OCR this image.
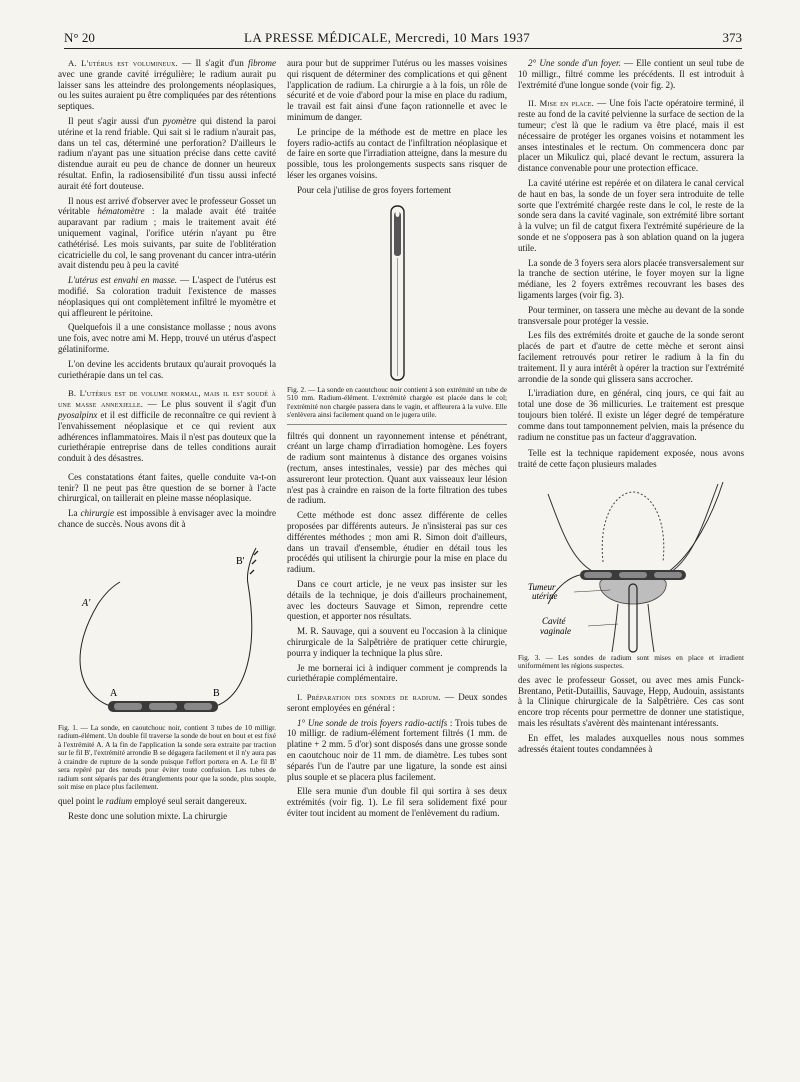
N° 20	LA PRESSE MÉDICALE, Mercredi, 10 Mars 1937	373

A. L'utérus est volumineux. — Il s'agit d'un fibrome avec une grande cavité irrégulière; le radium aurait pu laisser sans les atteindre des prolongements néoplasiques, ou les suites auraient pu être compliquées par des rétentions septiques.

Il peut s'agir aussi d'un pyomètre qui distend la paroi utérine et la rend friable. Qui sait si le radium n'aurait pas, dans un tel cas, déterminé une perforation? D'ailleurs le radium n'ayant pas une situation précise dans cette cavité distendue aurait eu peu de chance de donner un heureux résultat. Enfin, la radiosensibilité d'un tissu aussi infecté aurait été fort douteuse.

Il nous est arrivé d'observer avec le professeur Gosset un véritable hématomètre : la malade avait été traitée auparavant par radium ; mais le traitement avait été uniquement vaginal, l'orifice utérin n'ayant pu être cathétérisé. Les mois suivants, par suite de l'oblitération cicatricielle du col, le sang provenant du cancer intra-utérin avait distendu peu à peu la cavité

L'utérus est envahi en masse. — L'aspect de l'utérus est modifié. Sa coloration traduit l'existence de masses néoplasiques qui ont complètement infiltré le myomètre et qui affleurent le péritoine.

Quelquefois il a une consistance mollasse ; nous avons une fois, avec notre ami M. Hepp, trouvé un utérus d'aspect gélatiniforme.

L'on devine les accidents brutaux qu'aurait provoqués la curiethérapie dans un tel cas.

B. L'utérus est de volume normal, mais il est soudé à une masse annexielle. — Le plus souvent il s'agit d'un pyosalpinx et il est difficile de reconnaître ce qui revient à l'envahissement néoplasique et ce qui revient aux adhérences inflammatoires. Mais il n'est pas douteux que la curiethérapie entreprise dans de telles conditions aurait conduit à des désastres.

Ces constatations étant faites, quelle conduite va-t-on tenir? Il ne peut pas être question de se borner à l'acte chirurgical, on taillerait en pleine masse néoplasique.

La chirurgie est impossible à envisager avec la moindre chance de succès. Nous avons dit à

A'
B'
A	B

Fig. 1. — La sonde, en caoutchouc noir, contient 3 tubes de 10 milligr. radium-élément. Un double fil traverse la sonde de bout en bout et est fixé à l'extrémité A. A la fin de l'application la sonde sera extraite par traction sur le fil B', l'extrémité arrondie B se dégagera facilement et il n'y aura pas à craindre de rupture de la sonde puisque l'effort portera en A. Le fil B' sera repéré par des nœuds pour éviter toute confusion. Les tubes de radium sont séparés par des étranglements pour que la sonde, plus souple, soit mise en place plus facilement.

quel point le radium employé seul serait dangereux.

Reste donc une solution mixte. La chirurgie

aura pour but de supprimer l'utérus ou les masses voisines qui risquent de déterminer des complications et qui gênent l'application de radium. La chirurgie a à la fois, un rôle de sécurité et de voie d'abord pour la mise en place du radium, le travail est fait ainsi d'une façon rationnelle et avec le minimum de danger.

Le principe de la méthode est de mettre en place les foyers radio-actifs au contact de l'infiltration néoplasique et de faire en sorte que l'irradiation atteigne, dans la mesure du possible, tous les prolongements suspects sans risquer de léser les organes voisins.

Pour cela j'utilise de gros foyers fortement

Fig. 2. — La sonde en caoutchouc noir contient à son extrémité un tube de 510 mm. Radium-élément. L'extrémité chargée est placée dans le col; l'extrémité non chargée passera dans le vagin, et affleurera à la vulve. Elle s'enlèvera ainsi facilement quand on le jugera utile.

filtrés qui donnent un rayonnement intense et pénétrant, créant un large champ d'irradiation homogène. Les foyers de radium sont maintenus à distance des organes voisins (rectum, anses intestinales, vessie) par des mèches qui assureront leur protection. Quant aux vaisseaux leur lésion n'est pas à craindre en raison de la forte filtration des tubes de radium.

Cette méthode est donc assez différente de celles proposées par différents auteurs. Je n'insisterai pas sur ces différentes méthodes ; mon ami R. Simon doit d'ailleurs, dans un travail d'ensemble, étudier en détail tous les procédés qui utilisent la chirurgie pour la mise en place du radium.

Dans ce court article, je ne veux pas insister sur les détails de la technique, je dois d'ailleurs prochainement, avec les docteurs Sauvage et Simon, reprendre cette question, et apporter nos résultats.

M. R. Sauvage, qui a souvent eu l'occasion à la clinique chirurgicale de la Salpêtrière de pratiquer cette chirurgie, pourra y indiquer la technique la plus sûre.

Je me bornerai ici à indiquer comment je comprends la curiethérapie complémentaire.

I. Préparation des sondes de radium. — Deux sondes seront employées en général :

1° Une sonde de trois foyers radio-actifs : Trois tubes de 10 milligr. de radium-élément fortement filtrés (1 mm. de platine + 2 mm. 5 d'or) sont disposés dans une grosse sonde en caoutchouc noir de 11 mm. de diamètre. Les tubes sont séparés l'un de l'autre par une ligature, la sonde est ainsi plus souple et se placera plus facilement.

Elle sera munie d'un double fil qui sortira à ses deux extrémités (voir fig. 1). Le fil sera solidement fixé pour éviter tout incident au moment de l'enlèvement du radium.

2° Une sonde d'un foyer. — Elle contient un seul tube de 10 milligr., filtré comme les précédents. Il est introduit à l'extrémité d'une longue sonde (voir fig. 2).

II. Mise en place. — Une fois l'acte opératoire terminé, il reste au fond de la cavité pelvienne la surface de section de la tumeur; c'est là que le radium va être placé, mais il est nécessaire de protéger les organes voisins et notamment les anses intestinales et le rectum. On commencera donc par placer un Mikulicz qui, placé devant le rectum, assurera la distance convenable pour une protection efficace.

La cavité utérine est repérée et on dilatera le canal cervical de haut en bas, la sonde de un foyer sera introduite de telle sorte que l'extrémité chargée reste dans le col, le reste de la sonde sera dans la cavité vaginale, son extrémité libre sortant à la vulve; un fil de catgut fixera l'extrémité supérieure de la sonde et ne s'opposera pas à son ablation quand on la jugera utile.

La sonde de 3 foyers sera alors placée transversalement sur la tranche de section utérine, le foyer moyen sur la ligne médiane, les 2 foyers extrêmes recouvrant les bases des ligaments larges (voir fig. 3).

Pour terminer, on tassera une mèche au devant de la sonde transversale pour protéger la vessie.

Les fils des extrémités droite et gauche de la sonde seront placés de part et d'autre de cette mèche et seront ainsi facilement retrouvés pour retirer le radium à la fin du traitement. Il y aura intérêt à opérer la traction sur l'extrémité arrondie de la sonde qui glissera sans accrocher.

L'irradiation dure, en général, cinq jours, ce qui fait au total une dose de 36 millicuries. Le traitement est presque toujours bien toléré. Il existe un léger degré de température comme dans tout tamponnement pelvien, mais la présence du radium ne constitue pas un facteur d'aggravation.

Telle est la technique rapidement exposée, nous avons traité de cette façon plusieurs malades

Tumeur
utérine
Cavité
vaginale

Fig. 3. — Les sondes de radium sont mises en place et irradient uniformément les régions suspectes.

des avec le professeur Gosset, ou avec mes amis Funck-Brentano, Petit-Dutaillis, Sauvage, Hepp, Audouin, assistants à la Clinique chirurgicale de la Salpêtrière. Ces cas sont encore trop récents pour permettre de donner une statistique, mais les résultats s'avèrent dès maintenant intéressants.

En effet, les malades auxquelles nous nous sommes adressés étaient toutes condamnées à
